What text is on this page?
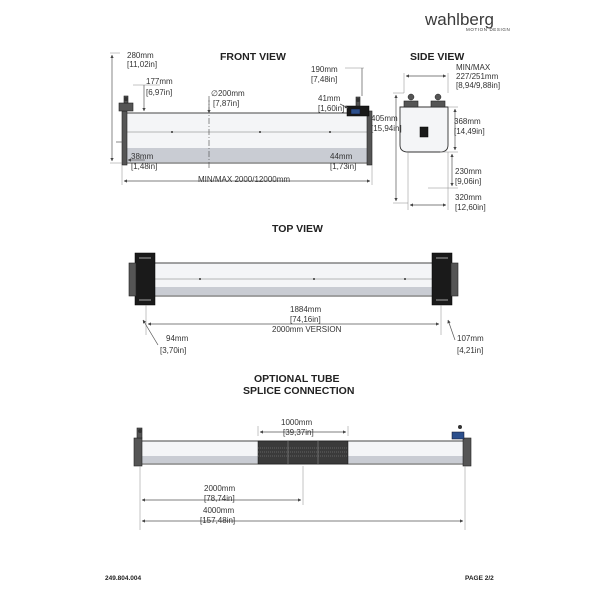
wahlberg
MOTION DESIGN
FRONT VIEW
∅200mm
[7,87in]
280mm
[11,02in]
177mm
[6,97in]
190mm
[7,48in]
41mm
[1,60in]
38mm
[1,48in]
44mm
[1,73in]
MIN/MAX 2000/12000mm
SIDE VIEW
MIN/MAX
227/251mm
[8,94/9,88in]
405mm
[15,94in]
368mm
[14,49in]
230mm
[9,06in]
320mm
[12,60in]
TOP VIEW
1884mm
[74,16in]
2000mm VERSION
94mm
[3,70in]
107mm
[4,21in]
OPTIONAL TUBE
SPLICE CONNECTION
1000mm
[39,37in]
2000mm
[78,74in]
4000mm
[157,48in]
249.804.004	PAGE 2/2
